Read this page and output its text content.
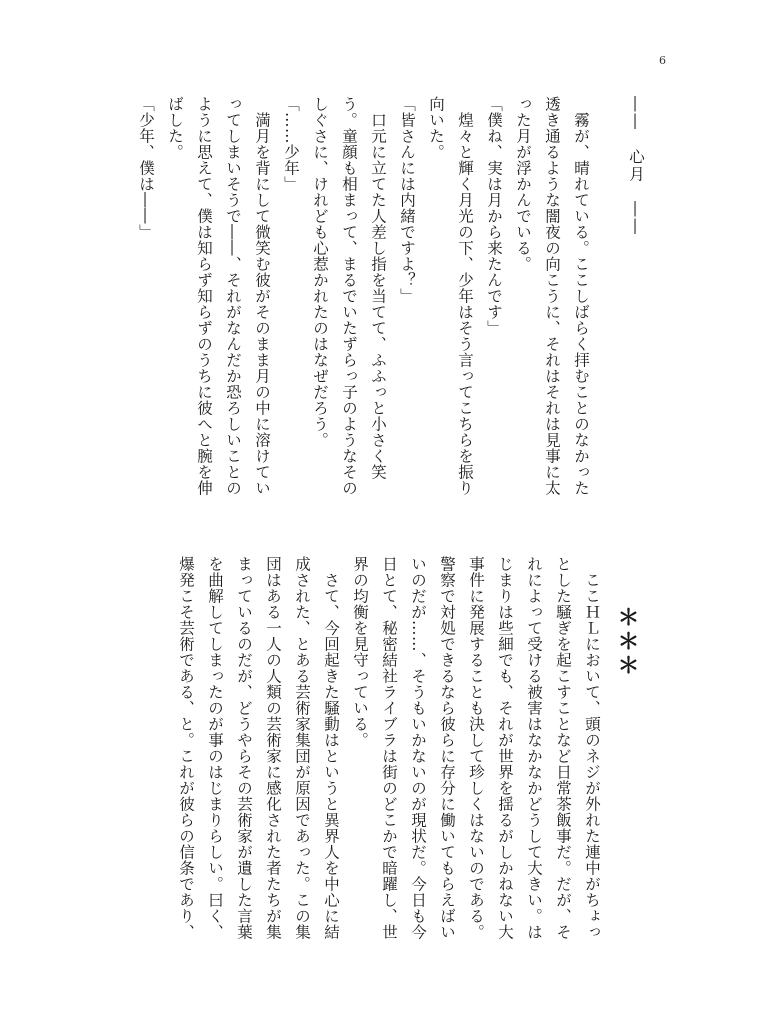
6
――　心月　――
　霧が、晴れている。ここしばらく拝むことのなかった透き通るような闇夜の向こうに、それはそれは見事に太った月が浮かんでいる。
「僕ね、実は月から来たんです」
　煌々と輝く月光の下、少年はそう言ってこちらを振り向いた。
「皆さんには内緒ですよ？」
　口元に立てた人差し指を当てて、ふふっと小さく笑う。童顔も相まって、まるでいたずらっ子のようなそのしぐさに、けれども心惹かれたのはなぜだろう。
「……少年」
　満月を背にして微笑む彼がそのまま月の中に溶けていってしまいそうで――、それがなんだか恐ろしいことのように思えて、僕は知らず知らずのうちに彼へと腕を伸ばした。
「少年、僕は――」
＊＊＊
　ここＨＬにおいて、頭のネジが外れた連中がちょっとした騒ぎを起こすことなど日常茶飯事だ。だが、それによって受ける被害はなかなかどうして大きい。はじまりは些細でも、それが世界を揺るがしかねない大事件に発展することも決して珍しくはないのである。警察で対処できるなら彼らに存分に働いてもらえばいいのだが……、そうもいかないのが現状だ。今日も今日とて、秘密結社ライブラは街のどこかで暗躍し、世界の均衡を見守っている。
　さて、今回起きた騒動はというと異界人を中心に結成された、とある芸術家集団が原因であった。この集団はある一人の人類の芸術家に感化された者たちが集まっているのだが、どうやらその芸術家が遺した言葉を曲解してしまったのが事のはじまりらしい。曰く、爆発こそ芸術である、と。これが彼らの信条であり、
